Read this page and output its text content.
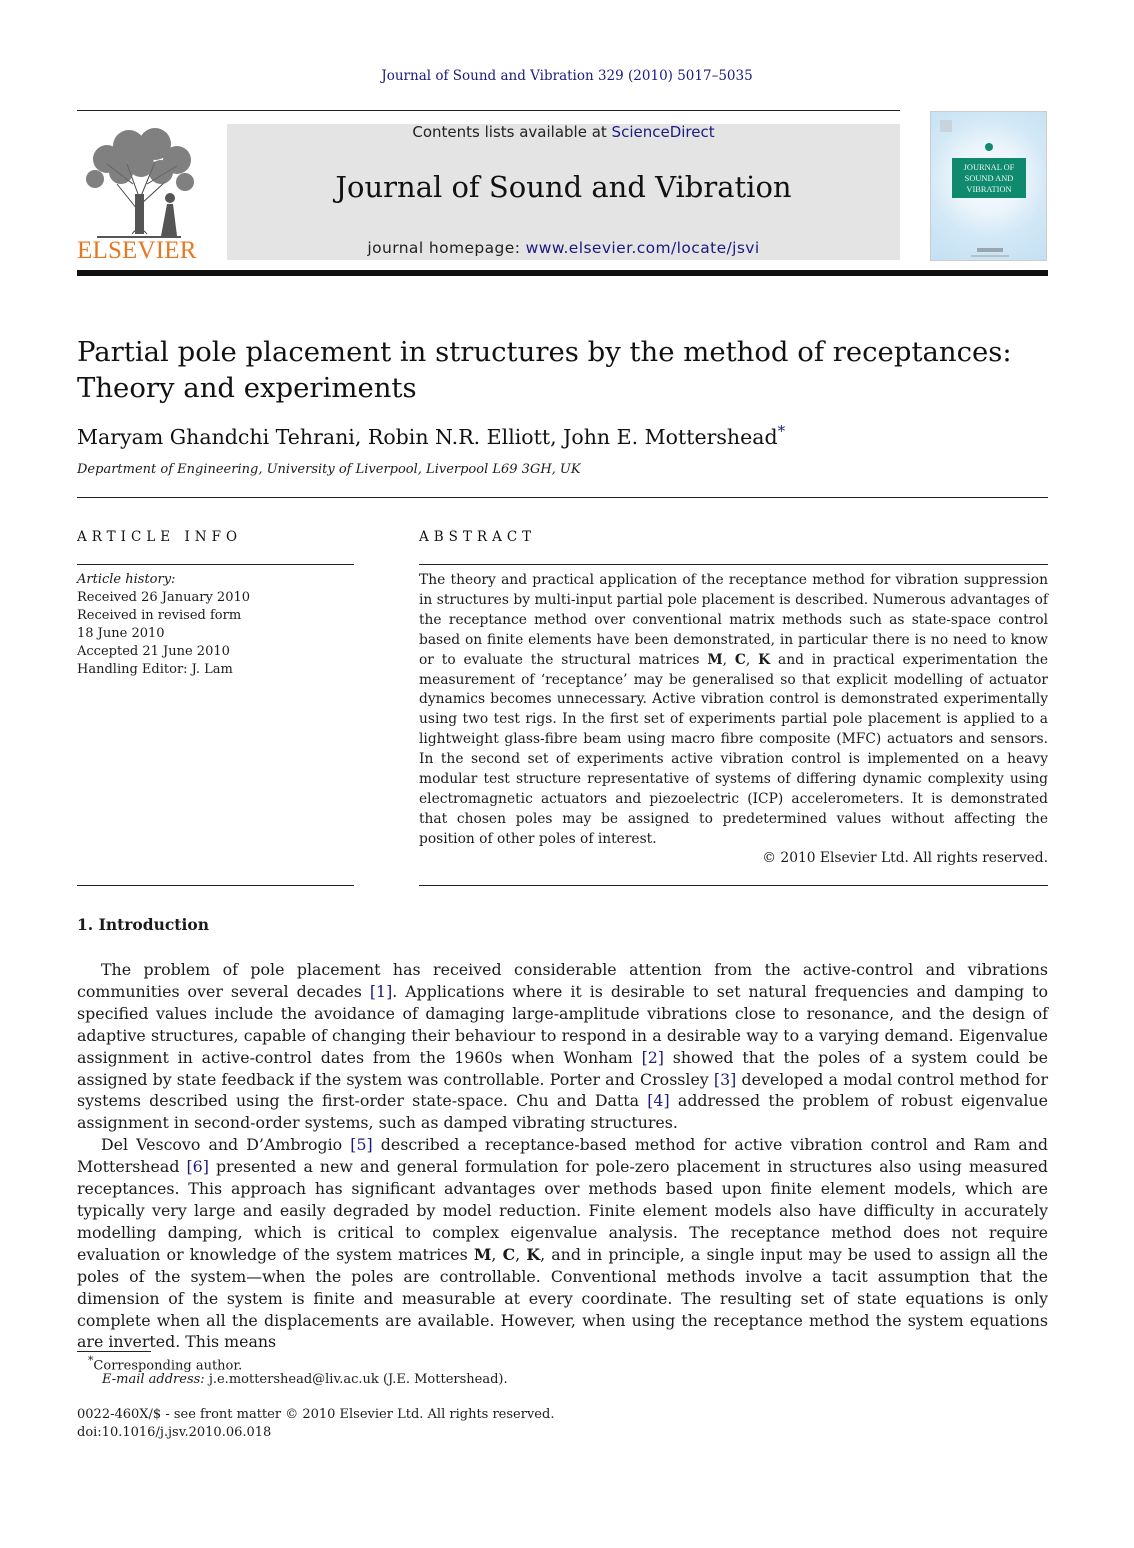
Journal of Sound and Vibration 329 (2010) 5017–5035
ELSEVIER
Contents lists available at ScienceDirect
Journal of Sound and Vibration
journal homepage: www.elsevier.com/locate/jsvi
JOURNAL OF
SOUND AND
VIBRATION
Partial pole placement in structures by the method of receptances:
Theory and experiments
Maryam Ghandchi Tehrani, Robin N.R. Elliott, John E. Mottershead*
Department of Engineering, University of Liverpool, Liverpool L69 3GH, UK
ARTICLE INFO	ABSTRACT
Article history:
Received 26 January 2010
Received in revised form
18 June 2010
Accepted 21 June 2010
Handling Editor: J. Lam
The theory and practical application of the receptance method for vibration suppression in structures by multi-input partial pole placement is described. Numerous advantages of the receptance method over conventional matrix methods such as state-space control based on finite elements have been demonstrated, in particular there is no need to know or to evaluate the structural matrices M, C, K and in practical experimentation the measurement of ‘receptance’ may be generalised so that explicit modelling of actuator dynamics becomes unnecessary. Active vibration control is demonstrated experimentally using two test rigs. In the first set of experiments partial pole placement is applied to a lightweight glass-fibre beam using macro fibre composite (MFC) actuators and sensors. In the second set of experiments active vibration control is implemented on a heavy modular test structure representative of systems of differing dynamic complexity using electromagnetic actuators and piezoelectric (ICP) accelerometers. It is demonstrated that chosen poles may be assigned to predetermined values without affecting the position of other poles of interest.
© 2010 Elsevier Ltd. All rights reserved.
1. Introduction

The problem of pole placement has received considerable attention from the active-control and vibrations communities over several decades [1]. Applications where it is desirable to set natural frequencies and damping to specified values include the avoidance of damaging large-amplitude vibrations close to resonance, and the design of adaptive structures, capable of changing their behaviour to respond in a desirable way to a varying demand. Eigenvalue assignment in active-control dates from the 1960s when Wonham [2] showed that the poles of a system could be assigned by state feedback if the system was controllable. Porter and Crossley [3] developed a modal control method for systems described using the first-order state-space. Chu and Datta [4] addressed the problem of robust eigenvalue assignment in second-order systems, such as damped vibrating structures.

Del Vescovo and D’Ambrogio [5] described a receptance-based method for active vibration control and Ram and Mottershead [6] presented a new and general formulation for pole-zero placement in structures also using measured receptances. This approach has significant advantages over methods based upon finite element models, which are typically very large and easily degraded by model reduction. Finite element models also have difficulty in accurately modelling damping, which is critical to complex eigenvalue analysis. The receptance method does not require evaluation or knowledge of the system matrices M, C, K, and in principle, a single input may be used to assign all the poles of the system—when the poles are controllable. Conventional methods involve a tacit assumption that the dimension of the system is finite and measurable at every coordinate. The resulting set of state equations is only complete when all the displacements are available. However, when using the receptance method the system equations are inverted. This means

*Corresponding author.
E-mail address: j.e.mottershead@liv.ac.uk (J.E. Mottershead).
0022-460X/$ - see front matter © 2010 Elsevier Ltd. All rights reserved.
doi:10.1016/j.jsv.2010.06.018
